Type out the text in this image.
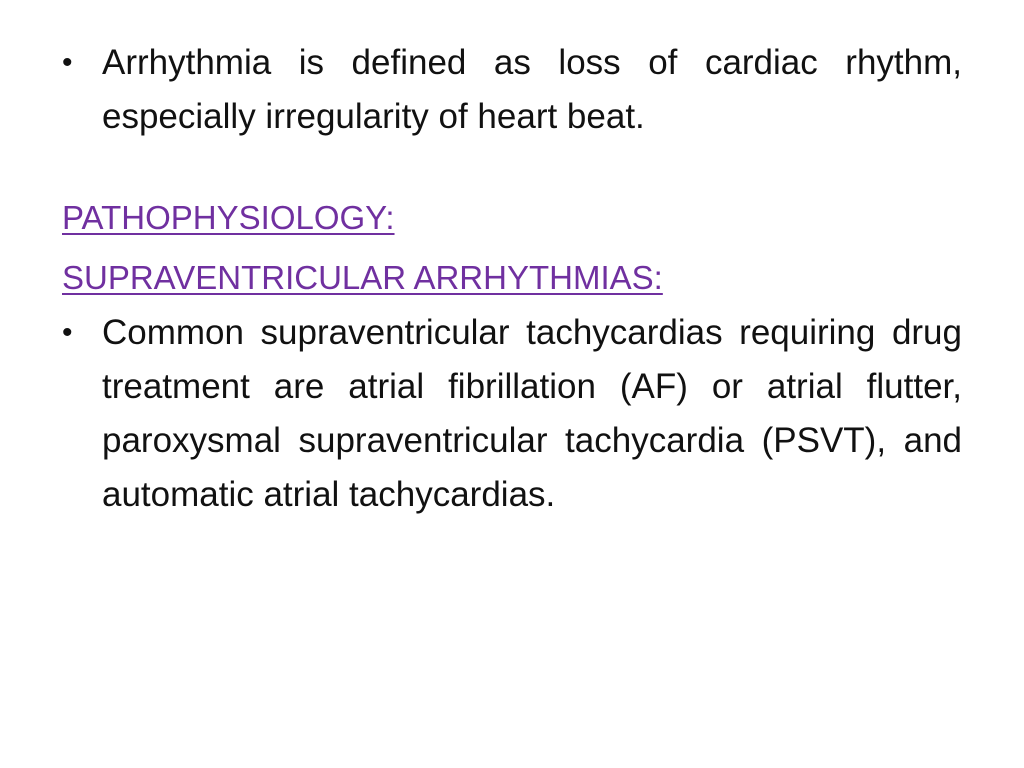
• Arrhythmia is defined as loss of cardiac rhythm, especially irregularity of heart beat.

PATHOPHYSIOLOGY:

SUPRAVENTRICULAR ARRHYTHMIAS:

• Common supraventricular tachycardias requiring drug treatment are atrial fibrillation (AF) or atrial flutter, paroxysmal supraventricular tachycardia (PSVT), and automatic atrial tachycardias.
